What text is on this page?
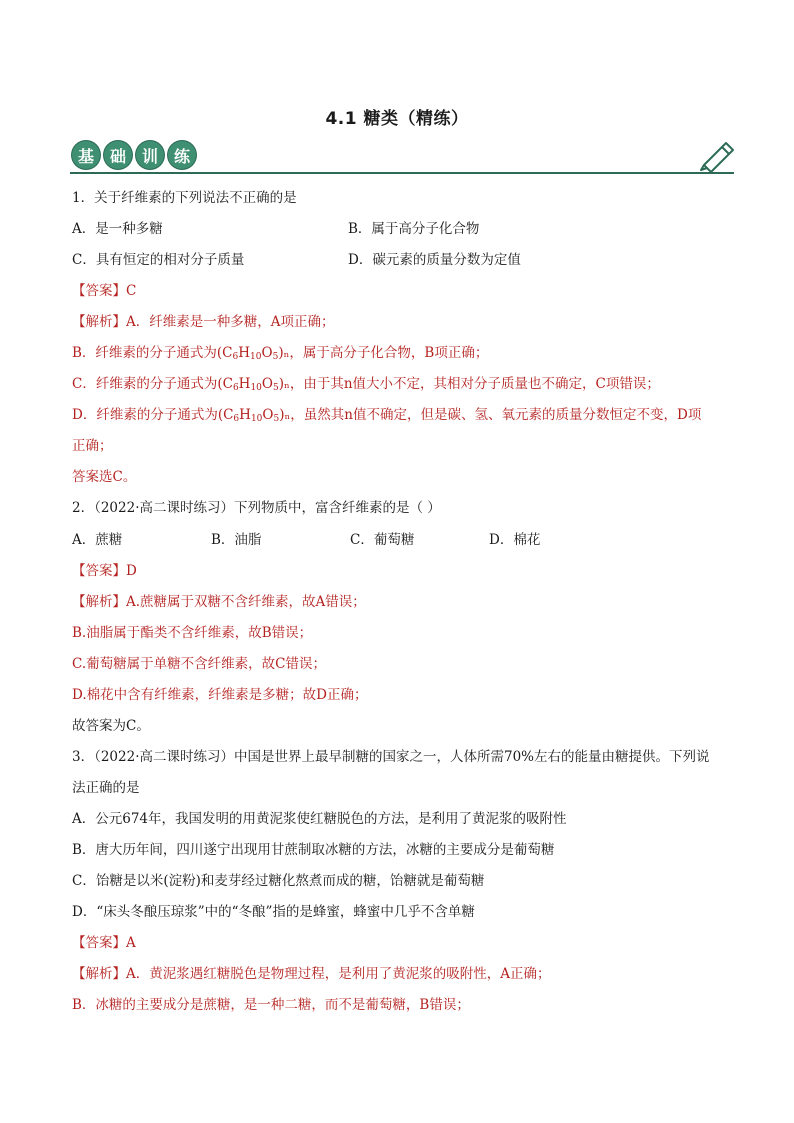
4.1 糖类（精练）
基 础 训 练
1．关于纤维素的下列说法不正确的是
A．是一种多糖	B．属于高分子化合物
C．具有恒定的相对分子质量	D．碳元素的质量分数为定值
【答案】C
【解析】A．纤维素是一种多糖，A项正确；
B．纤维素的分子通式为$(C_6H_{10}O_5)_n$，属于高分子化合物，B项正确；
C．纤维素的分子通式为$(C_6H_{10}O_5)_n$，由于其n值大小不定，其相对分子质量也不确定，C项错误；
D．纤维素的分子通式为$(C_6H_{10}O_5)_n$，虽然其n值不确定，但是碳、氢、氧元素的质量分数恒定不变，D项
正确；
答案选C。
2．（2022·高二课时练习）下列物质中，富含纤维素的是（ ）
A．蔗糖	B．油脂	C．葡萄糖	D．棉花
【答案】D
【解析】A.蔗糖属于双糖不含纤维素，故A错误；
B.油脂属于酯类不含纤维素，故B错误；
C.葡萄糖属于单糖不含纤维素，故C错误；
D.棉花中含有纤维素，纤维素是多糖；故D正确；
故答案为C。
3．（2022·高二课时练习）中国是世界上最早制糖的国家之一，人体所需70%左右的能量由糖提供。下列说
法正确的是
A．公元674年，我国发明的用黄泥浆使红糖脱色的方法，是利用了黄泥浆的吸附性
B．唐大历年间，四川遂宁出现用甘蔗制取冰糖的方法，冰糖的主要成分是葡萄糖
C．饴糖是以米(淀粉)和麦芽经过糖化熬煮而成的糖，饴糖就是葡萄糖
D．“床头冬酿压琼浆”中的“冬酿”指的是蜂蜜，蜂蜜中几乎不含单糖
【答案】A
【解析】A．黄泥浆遇红糖脱色是物理过程，是利用了黄泥浆的吸附性，A正确；
B．冰糖的主要成分是蔗糖，是一种二糖，而不是葡萄糖，B错误；
